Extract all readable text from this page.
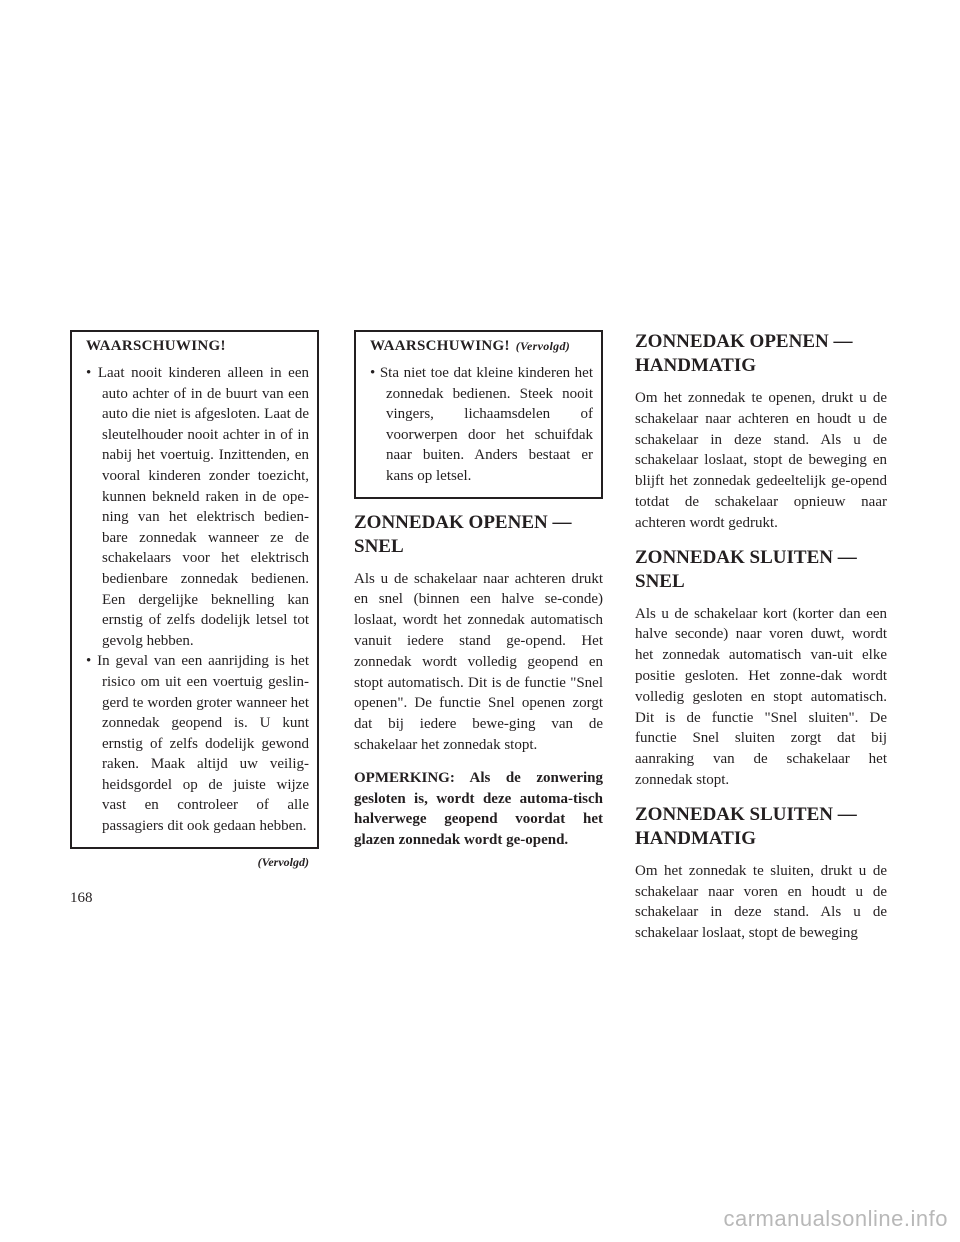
WAARSCHUWING!
• Laat nooit kinderen alleen in een auto achter of in de buurt van een auto die niet is afgesloten. Laat de sleutelhouder nooit achter in of in nabij het voertuig. Inzittenden, en vooral kinderen zonder toezicht, kunnen bekneld raken in de ope-ning van het elektrisch bedien-bare zonnedak wanneer ze de schakelaars voor het elektrisch bedienbare zonnedak bedienen. Een dergelijke beknelling kan ernstig of zelfs dodelijk letsel tot gevolg hebben.
• In geval van een aanrijding is het risico om uit een voertuig geslin-gerd te worden groter wanneer het zonnedak geopend is. U kunt ernstig of zelfs dodelijk gewond raken. Maak altijd uw veilig-heidsgordel op de juiste wijze vast en controleer of alle passagiers dit ook gedaan hebben.
(Vervolgd)
WAARSCHUWING! (Vervolgd)
• Sta niet toe dat kleine kinderen het zonnedak bedienen. Steek nooit vingers, lichaamsdelen of voorwerpen door het schuifdak naar buiten. Anders bestaat er kans op letsel.
ZONNEDAK OPENEN — SNEL

Als u de schakelaar naar achteren drukt en snel (binnen een halve se-conde) loslaat, wordt het zonnedak automatisch vanuit iedere stand ge-opend. Het zonnedak wordt volledig geopend en stopt automatisch. Dit is de functie "Snel openen". De functie Snel openen zorgt dat bij iedere bewe-ging van de schakelaar het zonnedak stopt.

OPMERKING: Als de zonwering gesloten is, wordt deze automa-tisch halverwege geopend voordat het glazen zonnedak wordt ge-opend.

ZONNEDAK OPENEN — HANDMATIG

Om het zonnedak te openen, drukt u de schakelaar naar achteren en houdt u de schakelaar in deze stand. Als u de schakelaar loslaat, stopt de beweging en blijft het zonnedak gedeeltelijk ge-opend totdat de schakelaar opnieuw naar achteren wordt gedrukt.

ZONNEDAK SLUITEN — SNEL

Als u de schakelaar kort (korter dan een halve seconde) naar voren duwt, wordt het zonnedak automatisch van-uit elke positie gesloten. Het zonne-dak wordt volledig gesloten en stopt automatisch. Dit is de functie "Snel sluiten". De functie Snel sluiten zorgt dat bij aanraking van de schakelaar het zonnedak stopt.

ZONNEDAK SLUITEN — HANDMATIG

Om het zonnedak te sluiten, drukt u de schakelaar naar voren en houdt u de schakelaar in deze stand. Als u de schakelaar loslaat, stopt de beweging

168
carmanualsonline.info
